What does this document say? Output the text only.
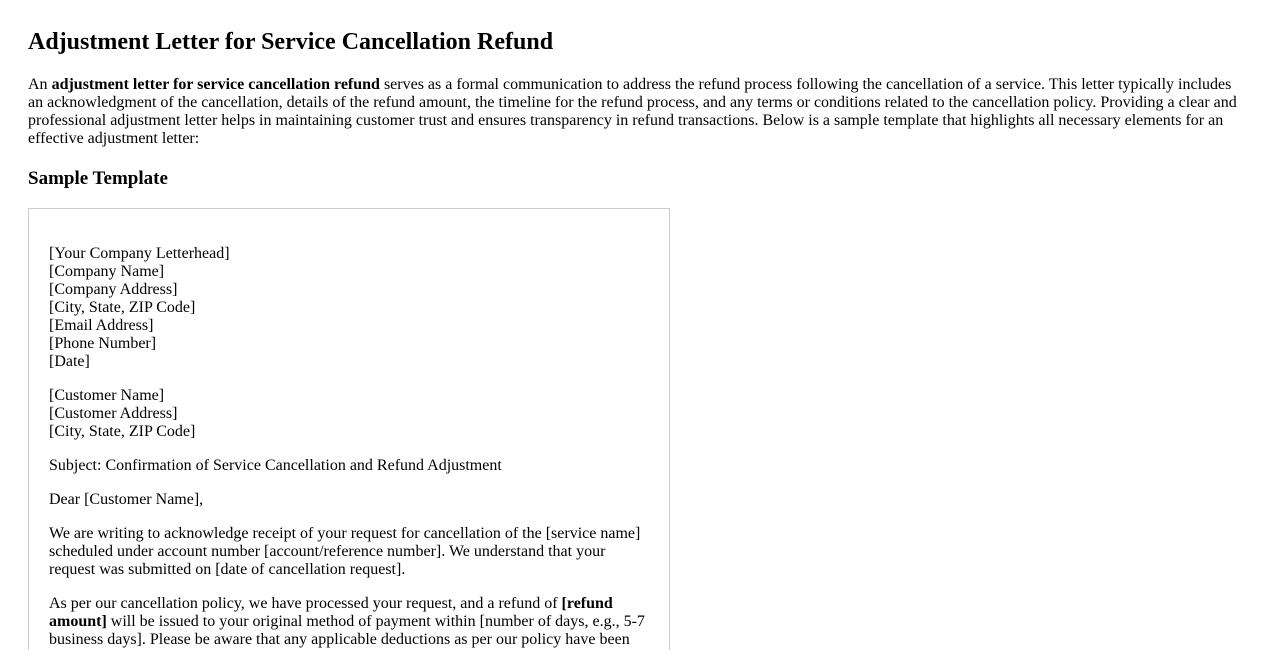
Adjustment Letter for Service Cancellation Refund

An adjustment letter for service cancellation refund serves as a formal communication to address the refund process following the cancellation of a service. This letter typically includes an acknowledgment of the cancellation, details of the refund amount, the timeline for the refund process, and any terms or conditions related to the cancellation policy. Providing a clear and professional adjustment letter helps in maintaining customer trust and ensures transparency in refund transactions. Below is a sample template that highlights all necessary elements for an effective adjustment letter:

Sample Template
[Your Company Letterhead]
[Company Name]
[Company Address]
[City, State, ZIP Code]
[Email Address]
[Phone Number]
[Date]
[Customer Name]
[Customer Address]
[City, State, ZIP Code]

Subject: Confirmation of Service Cancellation and Refund Adjustment

Dear [Customer Name],

We are writing to acknowledge receipt of your request for cancellation of the [service name] scheduled under account number [account/reference number]. We understand that your request was submitted on [date of cancellation request].

As per our cancellation policy, we have processed your request, and a refund of [refund amount] will be issued to your original method of payment within [number of days, e.g., 5-7 business days]. Please be aware that any applicable deductions as per our policy have been
